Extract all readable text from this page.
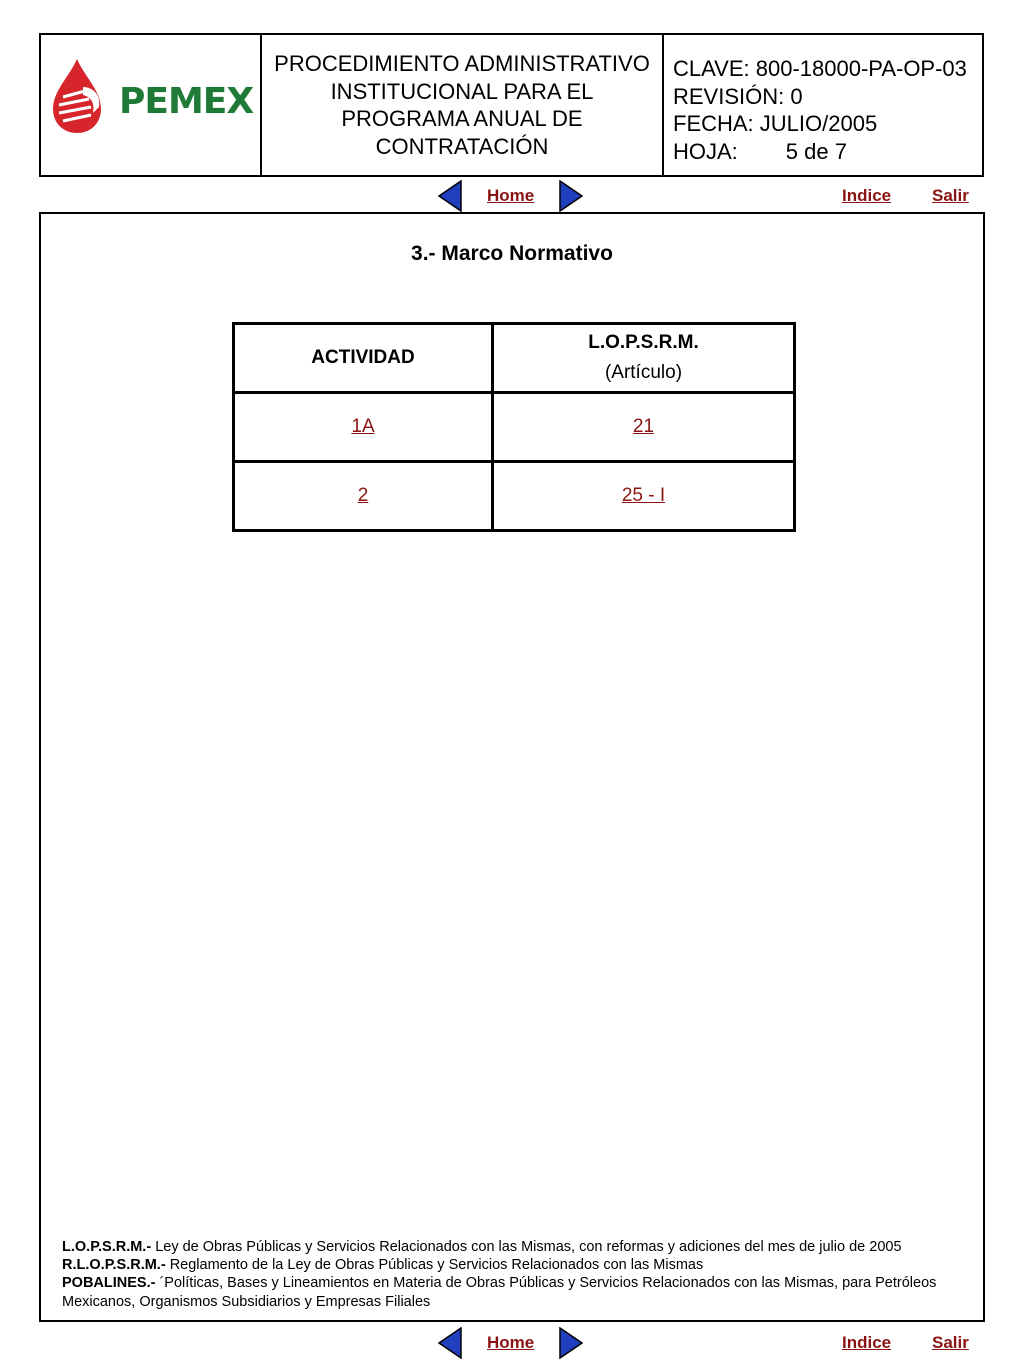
PEMEX
PROCEDIMIENTO ADMINISTRATIVO
INSTITUCIONAL PARA EL
PROGRAMA ANUAL DE
CONTRATACIÓN
CLAVE: 800-18000-PA-OP-03
REVISIÓN: 0
FECHA: JULIO/2005
HOJA: 5 de 7
Home	Indice Salir
3.- Marco Normativo
ACTIVIDAD	L.O.P.S.R.M.
(Artículo)

1A	21
2	25 - I
L.O.P.S.R.M.- Ley de Obras Públicas y Servicios Relacionados con las Mismas, con reformas y adiciones del mes de julio de 2005
R.L.O.P.S.R.M.- Reglamento de la Ley de Obras Públicas y Servicios Relacionados con las Mismas
POBALINES.- ´Políticas, Bases y Lineamientos en Materia de Obras Públicas y Servicios Relacionados con las Mismas, para Petróleos Mexicanos, Organismos Subsidiarios y Empresas Filiales
Home	Indice Salir
